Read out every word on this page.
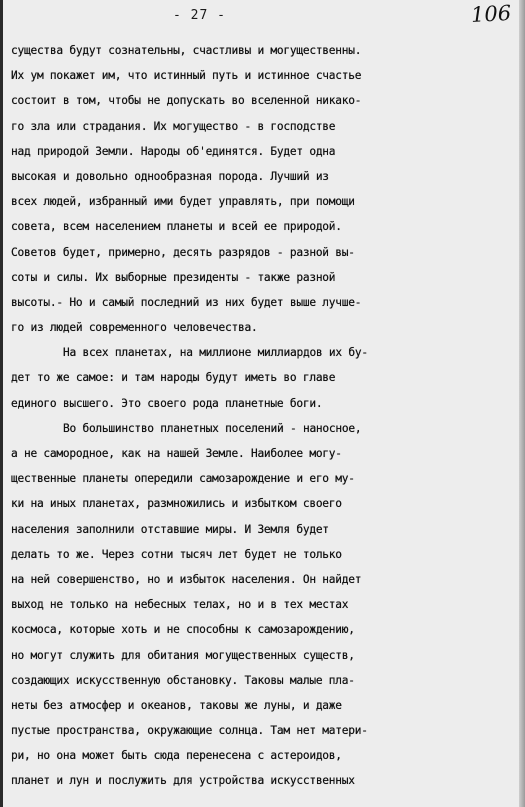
- 27 -	106
существа будут сознательны, счастливы и могущественны.
Их ум покажет им, что истинный путь и истинное счастье
состоит в том, чтобы не допускать во вселенной никако-
го зла или страдания. Их могущество - в господстве
над природой Земли. Народы об'единятся. Будет одна
высокая и довольно однообразная порода. Лучший из
всех людей, избранный ими будет управлять, при помощи
совета, всем населением планеты и всей ее природой.
Советов будет, примерно, десять разрядов - разной вы-
соты и силы. Их выборные президенты - также разной
высоты.- Но и самый последний из них будет выше лучше-
го из людей современного человечества.
На всех планетах, на миллионе миллиардов их бу-
дет то же самое: и там народы будут иметь во главе
единого высшего. Это своего рода планетные боги.
Во большинство планетных поселений - наносное,
а не самородное, как на нашей Земле. Наиболее могу-
щественные планеты опередили самозарождение и его му-
ки на иных планетах, размножились и избытком своего
населения заполнили отставшие миры. И Земля будет
делать то же. Через сотни тысяч лет будет не только
на ней совершенство, но и избыток населения. Он найдет
выход не только на небесных телах, но и в тех местах
космоса, которые хоть и не способны к самозарождению,
но могут служить для обитания могущественных существ,
создающих искусственную обстановку. Таковы малые пла-
неты без атмосфер и океанов, таковы же луны, и даже
пустые пространства, окружающие солнца. Там нет матери-
ри, но она может быть сюда перенесена с астероидов,
планет и лун и послужить для устройства искусственных
